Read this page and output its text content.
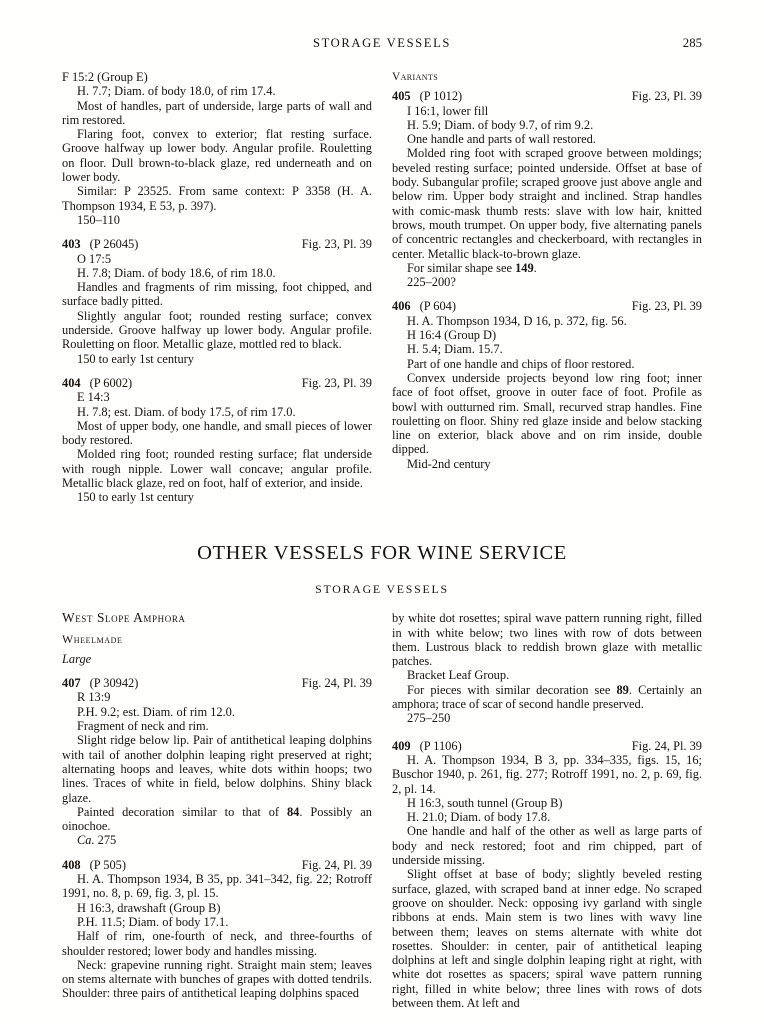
STORAGE VESSELS	285

F 15:2 (Group E)

H. 7.7; Diam. of body 18.0, of rim 17.4.

Most of handles, part of underside, large parts of wall and rim restored.

Flaring foot, convex to exterior; flat resting surface. Groove halfway up lower body. Angular profile. Rouletting on floor. Dull brown-to-black glaze, red underneath and on lower body.

Similar: P 23525. From same context: P 3358 (H. A. Thompson 1934, E 53, p. 397).

150–110

403 (P 26045)	Fig. 23, Pl. 39

O 17:5

H. 7.8; Diam. of body 18.6, of rim 18.0.

Handles and fragments of rim missing, foot chipped, and surface badly pitted.

Slightly angular foot; rounded resting surface; convex underside. Groove halfway up lower body. Angular profile. Rouletting on floor. Metallic glaze, mottled red to black.

150 to early 1st century

404 (P 6002)	Fig. 23, Pl. 39

E 14:3

H. 7.8; est. Diam. of body 17.5, of rim 17.0.

Most of upper body, one handle, and small pieces of lower body restored.

Molded ring foot; rounded resting surface; flat underside with rough nipple. Lower wall concave; angular profile. Metallic black glaze, red on foot, half of exterior, and inside.

150 to early 1st century

Variants

405 (P 1012)	Fig. 23, Pl. 39

I 16:1, lower fill

H. 5.9; Diam. of body 9.7, of rim 9.2.

One handle and parts of wall restored.

Molded ring foot with scraped groove between moldings; beveled resting surface; pointed underside. Offset at base of body. Subangular profile; scraped groove just above angle and below rim. Upper body straight and inclined. Strap handles with comic-mask thumb rests: slave with low hair, knitted brows, mouth trumpet. On upper body, five alternating panels of concentric rectangles and checkerboard, with rectangles in center. Metallic black-to-brown glaze.

For similar shape see 149.

225–200?

406 (P 604)	Fig. 23, Pl. 39

H. A. Thompson 1934, D 16, p. 372, fig. 56.

H 16:4 (Group D)

H. 5.4; Diam. 15.7.

Part of one handle and chips of floor restored.

Convex underside projects beyond low ring foot; inner face of foot offset, groove in outer face of foot. Profile as bowl with outturned rim. Small, recurved strap handles. Fine rouletting on floor. Shiny red glaze inside and below stacking line on exterior, black above and on rim inside, double dipped.

Mid-2nd century

OTHER VESSELS FOR WINE SERVICE
STORAGE VESSELS
West Slope Amphora
Wheelmade
Large

407 (P 30942)	Fig. 24, Pl. 39

R 13:9

P.H. 9.2; est. Diam. of rim 12.0.

Fragment of neck and rim.

Slight ridge below lip. Pair of antithetical leaping dolphins with tail of another dolphin leaping right preserved at right; alternating hoops and leaves, white dots within hoops; two lines. Traces of white in field, below dolphins. Shiny black glaze.

Painted decoration similar to that of 84. Possibly an oinochoe.

Ca. 275

408 (P 505)	Fig. 24, Pl. 39

H. A. Thompson 1934, B 35, pp. 341–342, fig. 22; Rotroff 1991, no. 8, p. 69, fig. 3, pl. 15.

H 16:3, drawshaft (Group B)

P.H. 11.5; Diam. of body 17.1.

Half of rim, one-fourth of neck, and three-fourths of shoulder restored; lower body and handles missing.

Neck: grapevine running right. Straight main stem; leaves on stems alternate with bunches of grapes with dotted tendrils. Shoulder: three pairs of antithetical leaping dolphins spaced

by white dot rosettes; spiral wave pattern running right, filled in with white below; two lines with row of dots between them. Lustrous black to reddish brown glaze with metallic patches.

Bracket Leaf Group.

For pieces with similar decoration see 89. Certainly an amphora; trace of scar of second handle preserved.

275–250

409 (P 1106)	Fig. 24, Pl. 39

H. A. Thompson 1934, B 3, pp. 334–335, figs. 15, 16; Buschor 1940, p. 261, fig. 277; Rotroff 1991, no. 2, p. 69, fig. 2, pl. 14.

H 16:3, south tunnel (Group B)

H. 21.0; Diam. of body 17.8.

One handle and half of the other as well as large parts of body and neck restored; foot and rim chipped, part of underside missing.

Slight offset at base of body; slightly beveled resting surface, glazed, with scraped band at inner edge. No scraped groove on shoulder. Neck: opposing ivy garland with single ribbons at ends. Main stem is two lines with wavy line between them; leaves on stems alternate with white dot rosettes. Shoulder: in center, pair of antithetical leaping dolphins at left and single dolphin leaping right at right, with white dot rosettes as spacers; spiral wave pattern running right, filled in white below; three lines with rows of dots between them. At left and
